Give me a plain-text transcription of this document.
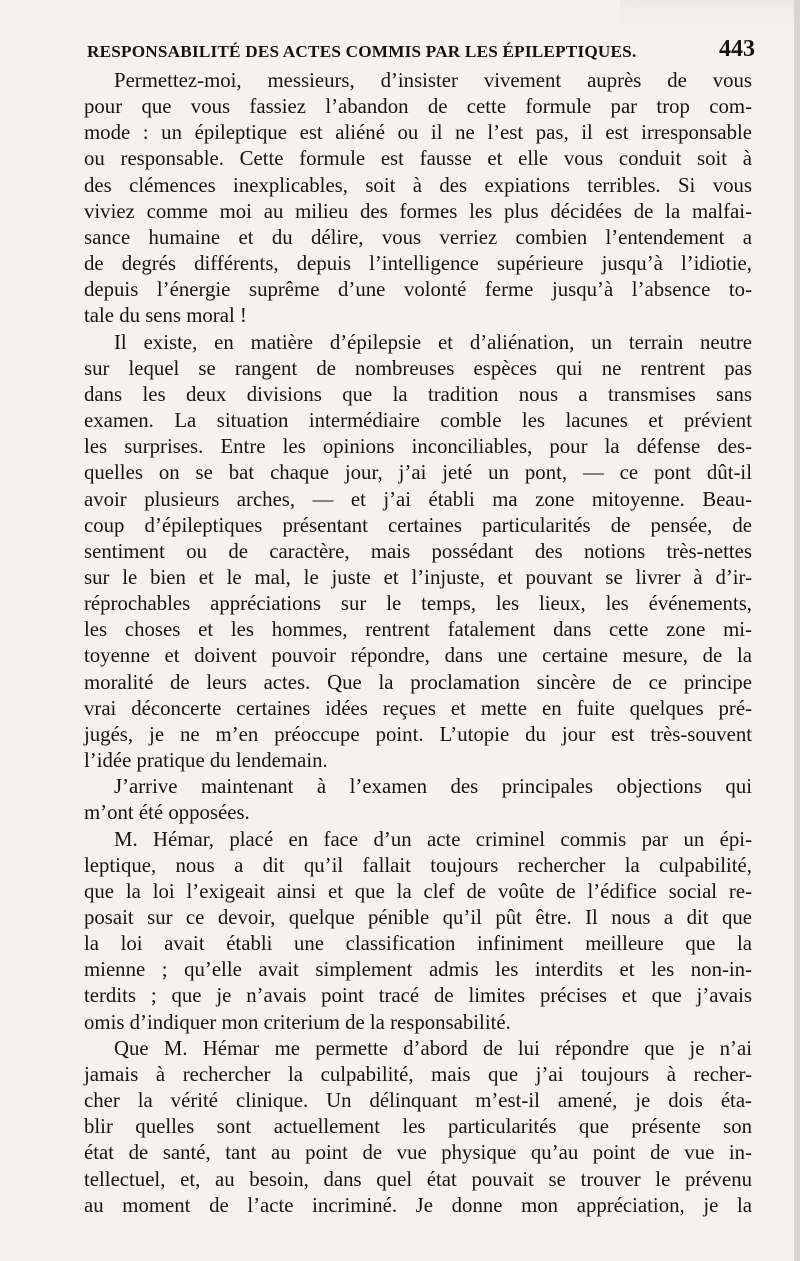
RESPONSABILITÉ DES ACTES COMMIS PAR LES ÉPILEPTIQUES.	443
Permettez-moi, messieurs, d’insister vivement auprès de vous
pour que vous fassiez l’abandon de cette formule par trop com-
mode : un épileptique est aliéné ou il ne l’est pas, il est irresponsable
ou responsable. Cette formule est fausse et elle vous conduit soit à
des clémences inexplicables, soit à des expiations terribles. Si vous
viviez comme moi au milieu des formes les plus décidées de la malfai-
sance humaine et du délire, vous verriez combien l’entendement a
de degrés différents, depuis l’intelligence supérieure jusqu’à l’idiotie,
depuis l’énergie suprême d’une volonté ferme jusqu’à l’absence to-
tale du sens moral !
Il existe, en matière d’épilepsie et d’aliénation, un terrain neutre
sur lequel se rangent de nombreuses espèces qui ne rentrent pas
dans les deux divisions que la tradition nous a transmises sans
examen. La situation intermédiaire comble les lacunes et prévient
les surprises. Entre les opinions inconciliables, pour la défense des-
quelles on se bat chaque jour, j’ai jeté un pont, — ce pont dût-il
avoir plusieurs arches, — et j’ai établi ma zone mitoyenne. Beau-
coup d’épileptiques présentant certaines particularités de pensée, de
sentiment ou de caractère, mais possédant des notions très-nettes
sur le bien et le mal, le juste et l’injuste, et pouvant se livrer à d’ir-
réprochables appréciations sur le temps, les lieux, les événements,
les choses et les hommes, rentrent fatalement dans cette zone mi-
toyenne et doivent pouvoir répondre, dans une certaine mesure, de la
moralité de leurs actes. Que la proclamation sincère de ce principe
vrai déconcerte certaines idées reçues et mette en fuite quelques pré-
jugés, je ne m’en préoccupe point. L’utopie du jour est très-souvent
l’idée pratique du lendemain.
J’arrive maintenant à l’examen des principales objections qui
m’ont été opposées.
M. Hémar, placé en face d’un acte criminel commis par un épi-
leptique, nous a dit qu’il fallait toujours rechercher la culpabilité,
que la loi l’exigeait ainsi et que la clef de voûte de l’édifice social re-
posait sur ce devoir, quelque pénible qu’il pût être. Il nous a dit que
la loi avait établi une classification infiniment meilleure que la
mienne ; qu’elle avait simplement admis les interdits et les non-in-
terdits ; que je n’avais point tracé de limites précises et que j’avais
omis d’indiquer mon criterium de la responsabilité.
Que M. Hémar me permette d’abord de lui répondre que je n’ai
jamais à rechercher la culpabilité, mais que j’ai toujours à recher-
cher la vérité clinique. Un délinquant m’est-il amené, je dois éta-
blir quelles sont actuellement les particularités que présente son
état de santé, tant au point de vue physique qu’au point de vue in-
tellectuel, et, au besoin, dans quel état pouvait se trouver le prévenu
au moment de l’acte incriminé. Je donne mon appréciation, je la
